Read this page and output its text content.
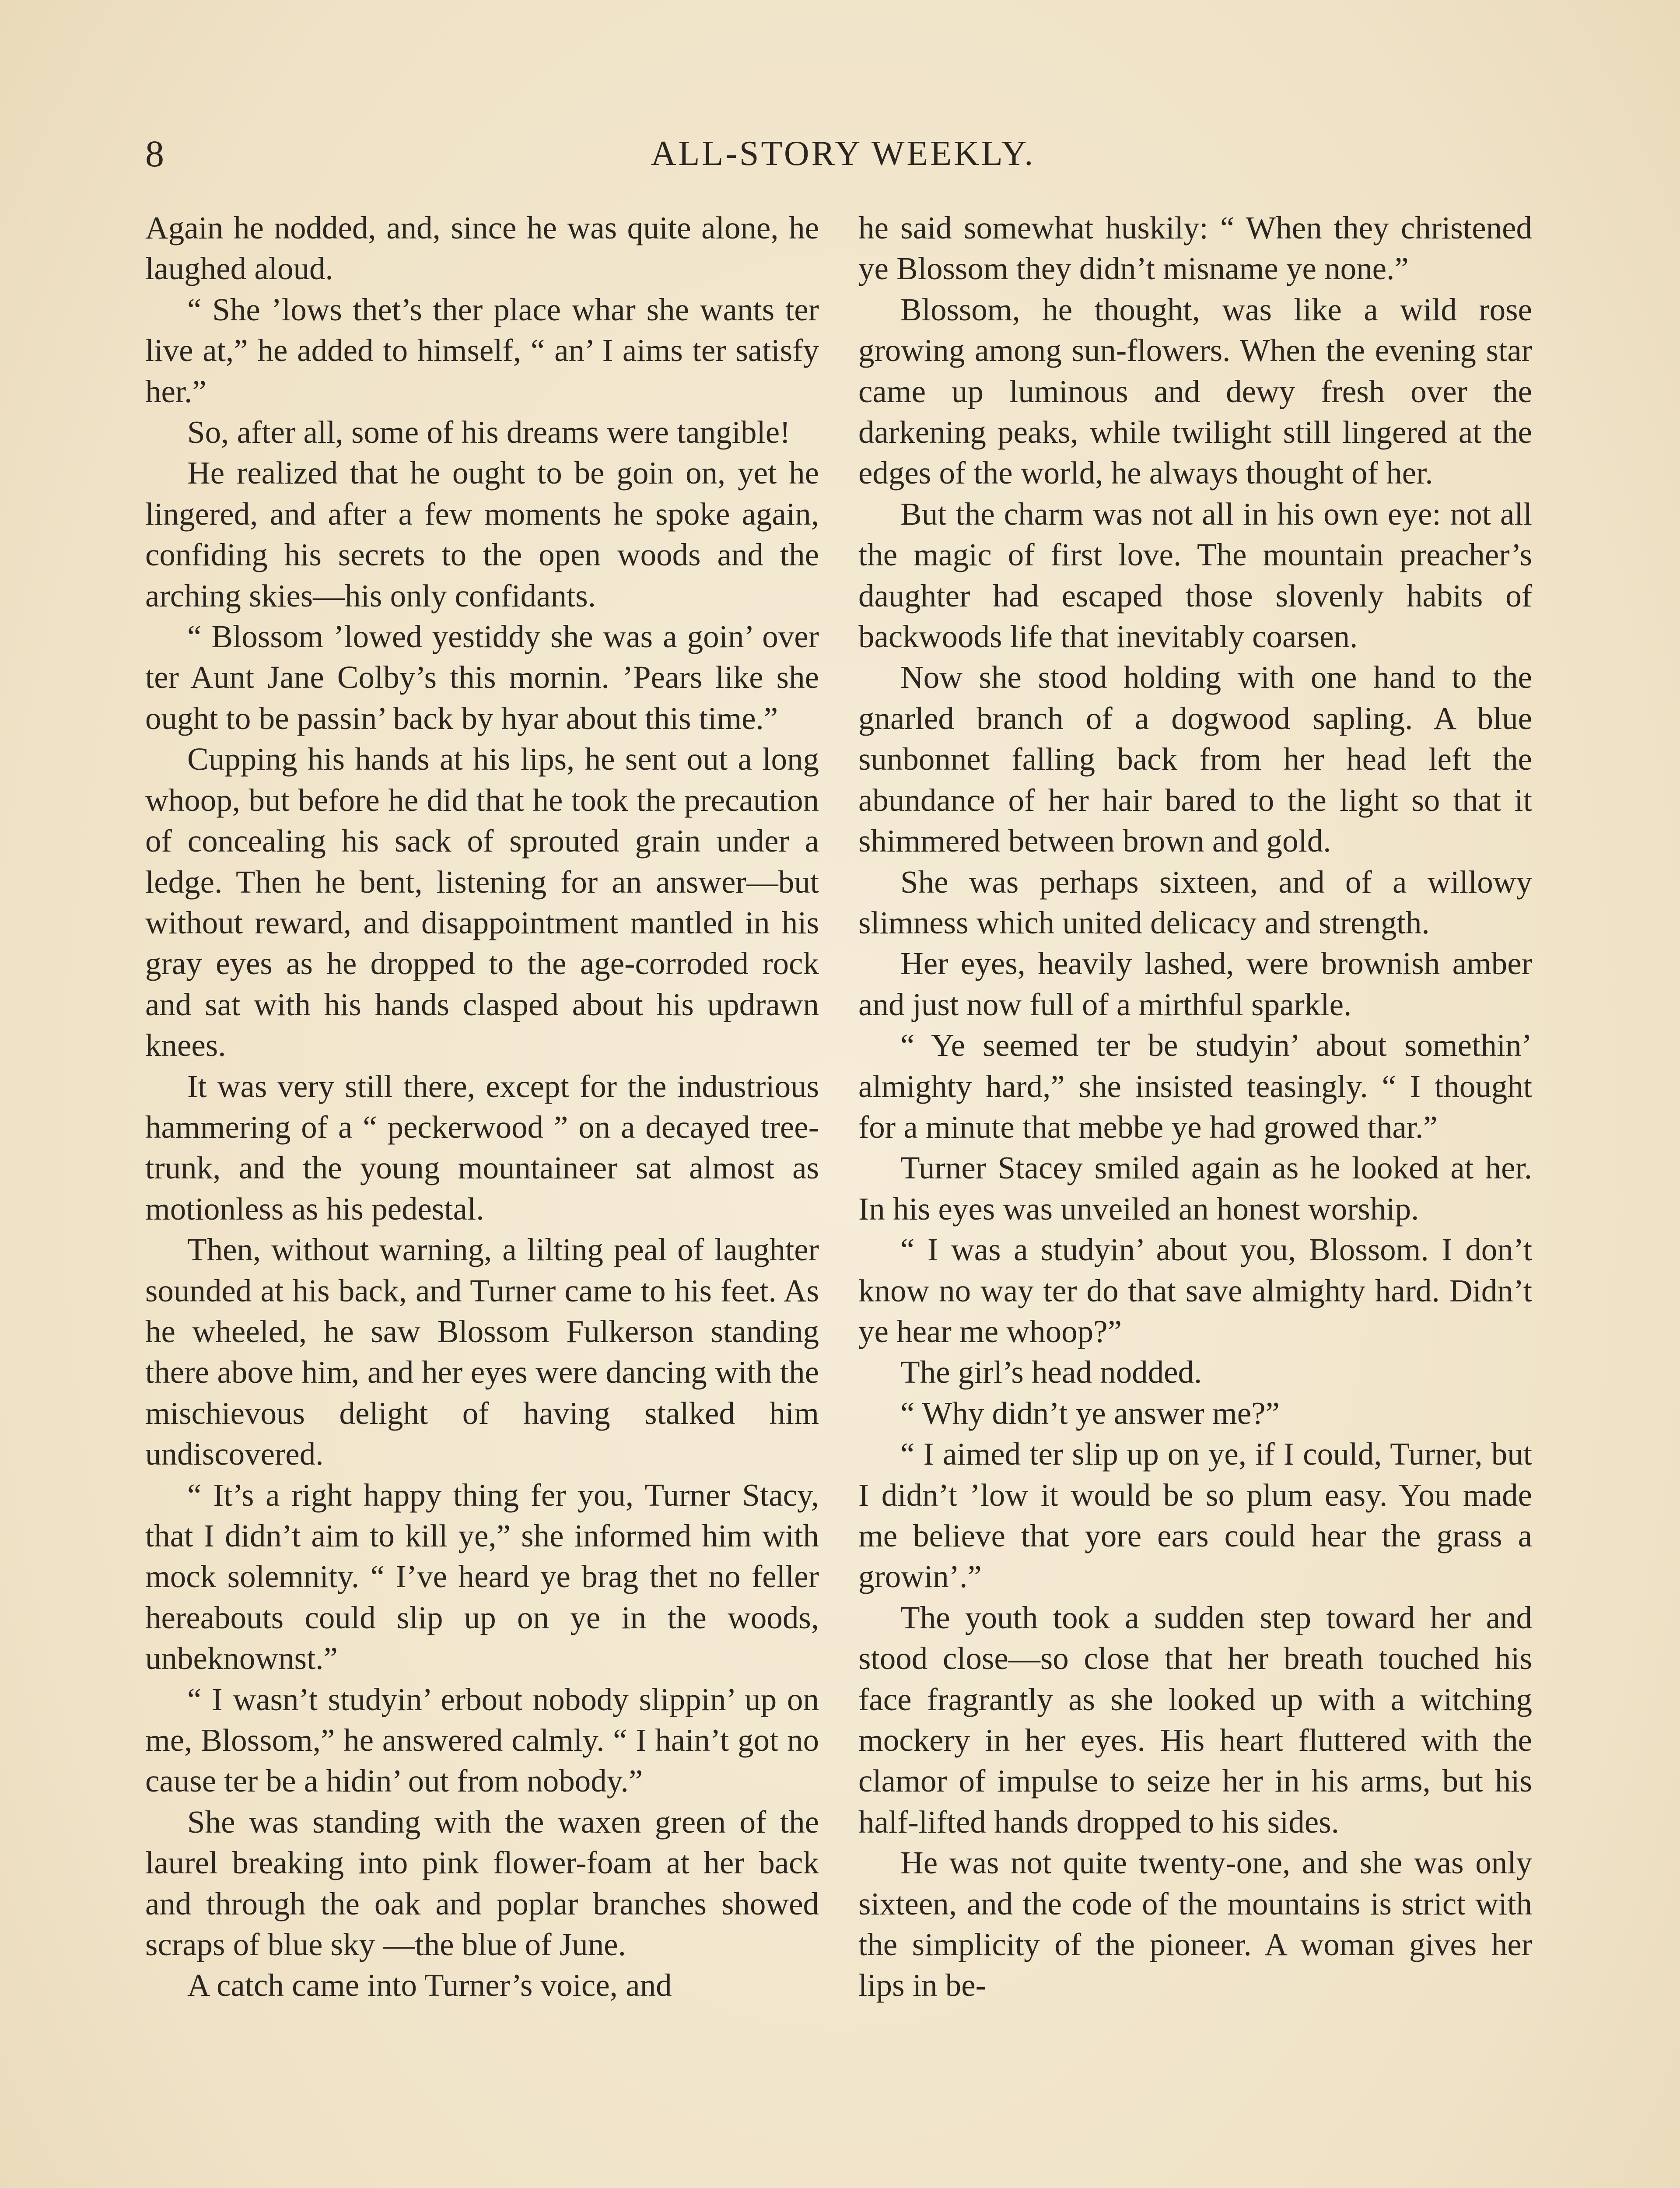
8	ALL-STORY WEEKLY.

Again he nodded, and, since he was quite alone, he laughed aloud.

“ She ’lows thet’s ther place whar she wants ter live at,” he added to himself, “ an’ I aims ter satisfy her.”

So, after all, some of his dreams were tangible!

He realized that he ought to be goin on, yet he lingered, and after a few moments he spoke again, confiding his secrets to the open woods and the arching skies—his only confidants.

“ Blossom ’lowed yestiddy she was a goin’ over ter Aunt Jane Colby’s this mornin. ’Pears like she ought to be passin’ back by hyar about this time.”

Cupping his hands at his lips, he sent out a long whoop, but before he did that he took the precaution of concealing his sack of sprouted grain under a ledge. Then he bent, listening for an answer—but without reward, and disappointment mantled in his gray eyes as he dropped to the age-corroded rock and sat with his hands clasped about his updrawn knees.

It was very still there, except for the industrious hammering of a “ peckerwood ” on a decayed tree-trunk, and the young mountaineer sat almost as motionless as his pedestal.

Then, without warning, a lilting peal of laughter sounded at his back, and Turner came to his feet. As he wheeled, he saw Blossom Fulkerson standing there above him, and her eyes were dancing with the mischievous delight of having stalked him undiscovered.

“ It’s a right happy thing fer you, Turner Stacy, that I didn’t aim to kill ye,” she informed him with mock solemnity. “ I’ve heard ye brag thet no feller hereabouts could slip up on ye in the woods, unbeknownst.”

“ I wasn’t studyin’ erbout nobody slippin’ up on me, Blossom,” he answered calmly. “ I hain’t got no cause ter be a hidin’ out from nobody.”

She was standing with the waxen green of the laurel breaking into pink flower-foam at her back and through the oak and poplar branches showed scraps of blue sky —the blue of June.

A catch came into Turner’s voice, and

he said somewhat huskily: “ When they christened ye Blossom they didn’t misname ye none.”

Blossom, he thought, was like a wild rose growing among sun-flowers. When the evening star came up luminous and dewy fresh over the darkening peaks, while twilight still lingered at the edges of the world, he always thought of her.

But the charm was not all in his own eye: not all the magic of first love. The mountain preacher’s daughter had escaped those slovenly habits of backwoods life that inevitably coarsen.

Now she stood holding with one hand to the gnarled branch of a dogwood sapling. A blue sunbonnet falling back from her head left the abundance of her hair bared to the light so that it shimmered between brown and gold.

She was perhaps sixteen, and of a willowy slimness which united delicacy and strength.

Her eyes, heavily lashed, were brownish amber and just now full of a mirthful sparkle.

“ Ye seemed ter be studyin’ about somethin’ almighty hard,” she insisted teasingly. “ I thought for a minute that mebbe ye had growed thar.”

Turner Stacey smiled again as he looked at her. In his eyes was unveiled an honest worship.

“ I was a studyin’ about you, Blossom. I don’t know no way ter do that save almighty hard. Didn’t ye hear me whoop?”

The girl’s head nodded.

“ Why didn’t ye answer me?”

“ I aimed ter slip up on ye, if I could, Turner, but I didn’t ’low it would be so plum easy. You made me believe that yore ears could hear the grass a growin’.”

The youth took a sudden step toward her and stood close—so close that her breath touched his face fragrantly as she looked up with a witching mockery in her eyes. His heart fluttered with the clamor of impulse to seize her in his arms, but his half-lifted hands dropped to his sides.

He was not quite twenty-one, and she was only sixteen, and the code of the mountains is strict with the simplicity of the pioneer. A woman gives her lips in be-
